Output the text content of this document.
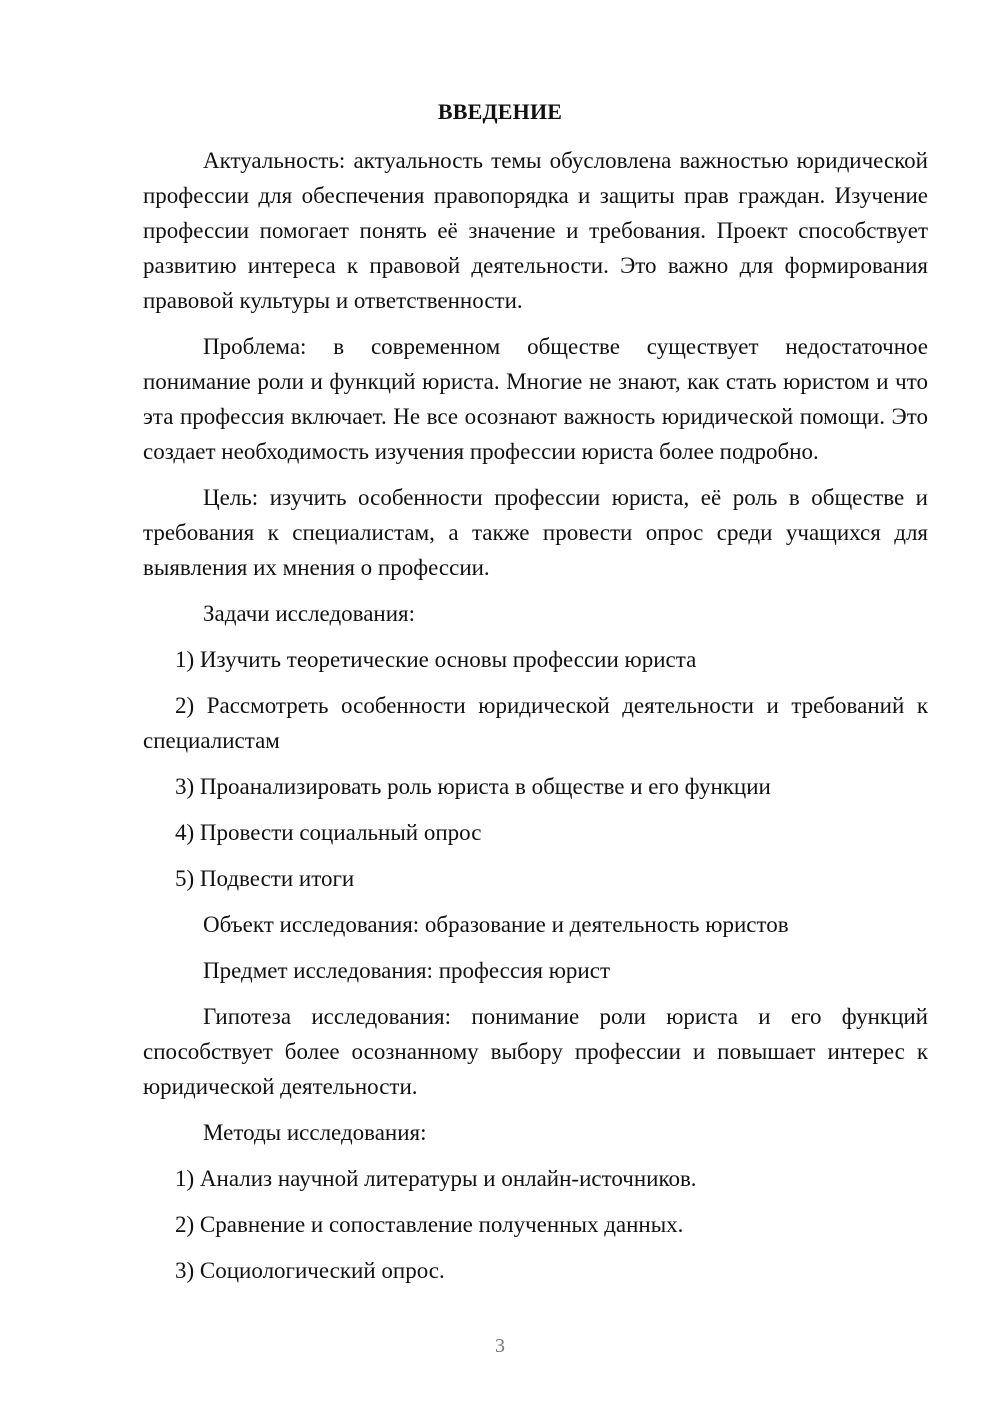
ВВЕДЕНИЕ

Актуальность: актуальность темы обусловлена важностью юридической профессии для обеспечения правопорядка и защиты прав граждан. Изучение профессии помогает понять её значение и требования. Проект способствует развитию интереса к правовой деятельности. Это важно для формирования правовой культуры и ответственности.

Проблема: в современном обществе существует недостаточное понимание роли и функций юриста. Многие не знают, как стать юристом и что эта профессия включает. Не все осознают важность юридической помощи. Это создает необходимость изучения профессии юриста более подробно.

Цель: изучить особенности профессии юриста, её роль в обществе и требования к специалистам, а также провести опрос среди учащихся для выявления их мнения о профессии.

Задачи исследования:

1) Изучить теоретические основы профессии юриста

2) Рассмотреть особенности юридической деятельности и требований к специалистам

3) Проанализировать роль юриста в обществе и его функции

4) Провести социальный опрос

5) Подвести итоги

Объект исследования: образование и деятельность юристов

Предмет исследования: профессия юрист

Гипотеза исследования: понимание роли юриста и его функций способствует более осознанному выбору профессии и повышает интерес к юридической деятельности.

Методы исследования:

1) Анализ научной литературы и онлайн-источников.

2) Сравнение и сопоставление полученных данных.

3) Социологический опрос.

3
